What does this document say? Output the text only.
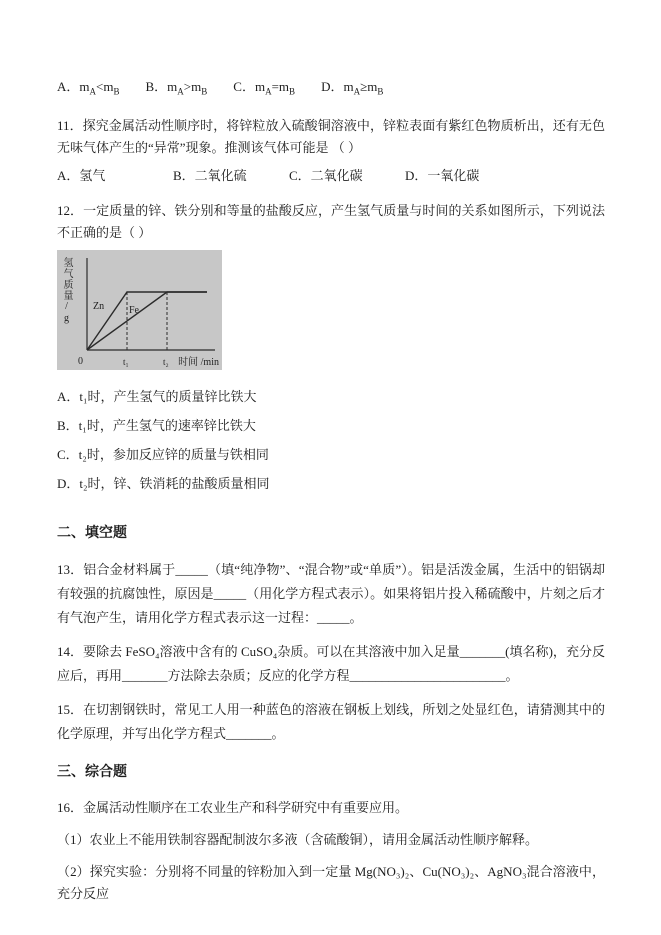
A．$m_A<m_B$ B．$m_A>m_B$ C．$m_A=m_B$ D．$m_A\ge m_B$

11．探究金属活动性顺序时，将锌粒放入硫酸铜溶液中，锌粒表面有紫红色物质析出，还有无色无味气体产生的“异常”现象。推测该气体可能是 （ ）

A．氢气	B．二氧化硫	C．二氧化碳	D．一氧化碳

12．一定质量的锌、铁分别和等量的盐酸反应，产生氢气质量与时间的关系如图所示，下列说法不正确的是（ ）

氢气质量/g
时间 /min
0	t₁	t₂
Zn Fe

A．t₁时，产生氢气的质量锌比铁大

B．t₁时，产生氢气的速率锌比铁大

C．t₂时，参加反应锌的质量与铁相同

D．t₂时，锌、铁消耗的盐酸质量相同

二、填空题

13．铝合金材料属于_____（填“纯净物”、“混合物”或“单质”）。铝是活泼金属，生活中的铝锅却有较强的抗腐蚀性，原因是_____（用化学方程式表示）。如果将铝片投入稀硫酸中，片刻之后才有气泡产生，请用化学方程式表示这一过程：_____。

14．要除去 FeSO₄溶液中含有的 CuSO₄杂质。可以在其溶液中加入足量_______(填名称)，充分反应后，再用_______方法除去杂质；反应的化学方程________________________。

15．在切割钢铁时，常见工人用一种蓝色的溶液在钢板上划线，所划之处显红色，请猜测其中的化学原理，并写出化学方程式_______。

三、综合题

16．金属活动性顺序在工农业生产和科学研究中有重要应用。

（1）农业上不能用铁制容器配制波尔多液（含硫酸铜），请用金属活动性顺序解释。

（2）探究实验：分别将不同量的锌粉加入到一定量 Mg(NO₃)₂、Cu(NO₃)₂、AgNO₃混合溶液中，充分反应
